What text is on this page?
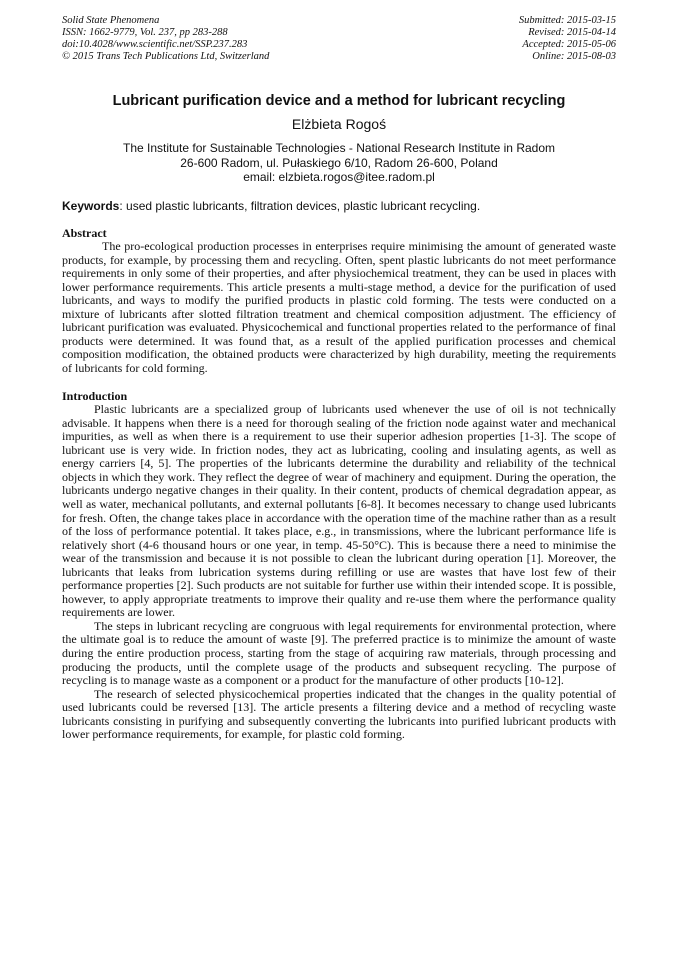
Solid State Phenomena
ISSN: 1662-9779, Vol. 237, pp 283-288
doi:10.4028/www.scientific.net/SSP.237.283
© 2015 Trans Tech Publications Ltd, Switzerland
Submitted: 2015-03-15
Revised: 2015-04-14
Accepted: 2015-05-06
Online: 2015-08-03
Lubricant purification device and a method for lubricant recycling
Elżbieta Rogoś
The Institute for Sustainable Technologies - National Research Institute in Radom
26-600 Radom, ul. Pułaskiego 6/10, Radom 26-600, Poland
email: elzbieta.rogos@itee.radom.pl
Keywords: used plastic lubricants, filtration devices, plastic lubricant recycling.
Abstract

The pro-ecological production processes in enterprises require minimising the amount of generated waste products, for example, by processing them and recycling. Often, spent plastic lubricants do not meet performance requirements in only some of their properties, and after physiochemical treatment, they can be used in places with lower performance requirements. This article presents a multi-stage method, a device for the purification of used lubricants, and ways to modify the purified products in plastic cold forming. The tests were conducted on a mixture of lubricants after slotted filtration treatment and chemical composition adjustment. The efficiency of lubricant purification was evaluated. Physicochemical and functional properties related to the performance of final products were determined. It was found that, as a result of the applied purification processes and chemical composition modification, the obtained products were characterized by high durability, meeting the requirements of lubricants for cold forming.

Introduction

Plastic lubricants are a specialized group of lubricants used whenever the use of oil is not technically advisable. It happens when there is a need for thorough sealing of the friction node against water and mechanical impurities, as well as when there is a requirement to use their superior adhesion properties [1-3]. The scope of lubricant use is very wide. In friction nodes, they act as lubricating, cooling and insulating agents, as well as energy carriers [4, 5]. The properties of the lubricants determine the durability and reliability of the technical objects in which they work. They reflect the degree of wear of machinery and equipment. During the operation, the lubricants undergo negative changes in their quality. In their content, products of chemical degradation appear, as well as water, mechanical pollutants, and external pollutants [6-8]. It becomes necessary to change used lubricants for fresh. Often, the change takes place in accordance with the operation time of the machine rather than as a result of the loss of performance potential. It takes place, e.g., in transmissions, where the lubricant performance life is relatively short (4-6 thousand hours or one year, in temp. 45-50°C). This is because there a need to minimise the wear of the transmission and because it is not possible to clean the lubricant during operation [1]. Moreover, the lubricants that leaks from lubrication systems during refilling or use are wastes that have lost few of their performance properties [2]. Such products are not suitable for further use within their intended scope. It is possible, however, to apply appropriate treatments to improve their quality and re-use them where the performance quality requirements are lower.

The steps in lubricant recycling are congruous with legal requirements for environmental protection, where the ultimate goal is to reduce the amount of waste [9]. The preferred practice is to minimize the amount of waste during the entire production process, starting from the stage of acquiring raw materials, through processing and producing the products, until the complete usage of the products and subsequent recycling. The purpose of recycling is to manage waste as a component or a product for the manufacture of other products [10-12].

The research of selected physicochemical properties indicated that the changes in the quality potential of used lubricants could be reversed [13]. The article presents a filtering device and a method of recycling waste lubricants consisting in purifying and subsequently converting the lubricants into purified lubricant products with lower performance requirements, for example, for plastic cold forming.
